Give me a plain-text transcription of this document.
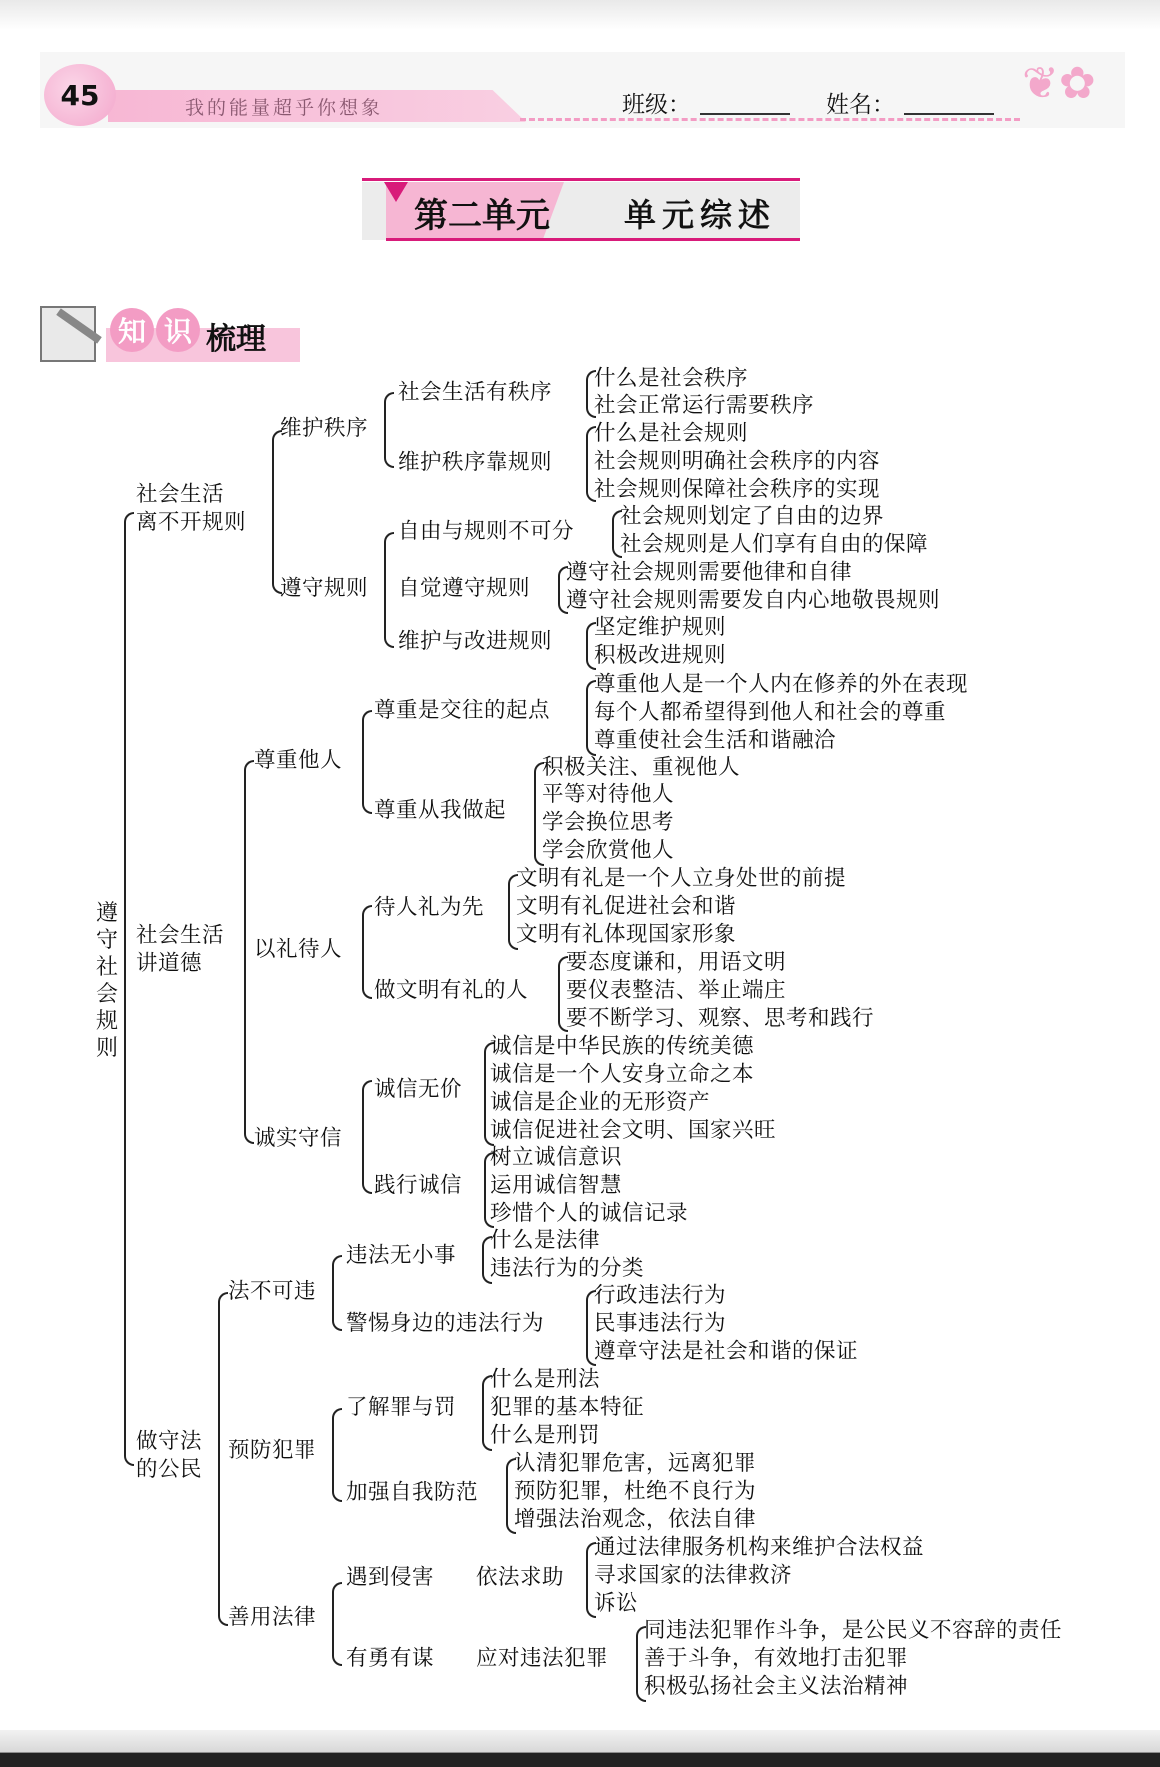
45	我的能量超乎你想象	班级：	姓名：	❦✿
第二单元 单元综述
知 识 梳理
遵守社会规则
社会生活
离不开规则
维护秩序
社会生活有秩序
什么是社会秩序
社会正常运行需要秩序
维护秩序靠规则
什么是社会规则
社会规则明确社会秩序的内容
社会规则保障社会秩序的实现
遵守规则
自由与规则不可分
社会规则划定了自由的边界
社会规则是人们享有自由的保障
自觉遵守规则
遵守社会规则需要他律和自律
遵守社会规则需要发自内心地敬畏规则
维护与改进规则
坚定维护规则
积极改进规则
社会生活
讲道德
尊重他人
尊重是交往的起点
尊重他人是一个人内在修养的外在表现
每个人都希望得到他人和社会的尊重
尊重使社会生活和谐融洽
尊重从我做起
积极关注、重视他人
平等对待他人
学会换位思考
学会欣赏他人
以礼待人
待人礼为先
文明有礼是一个人立身处世的前提
文明有礼促进社会和谐
文明有礼体现国家形象
做文明有礼的人
要态度谦和，用语文明
要仪表整洁、举止端庄
要不断学习、观察、思考和践行
诚实守信
诚信无价
诚信是中华民族的传统美德
诚信是一个人安身立命之本
诚信是企业的无形资产
诚信促进社会文明、国家兴旺
践行诚信
树立诚信意识
运用诚信智慧
珍惜个人的诚信记录
做守法
的公民
法不可违
违法无小事
什么是法律
违法行为的分类
警惕身边的违法行为
行政违法行为
民事违法行为
遵章守法是社会和谐的保证
预防犯罪
了解罪与罚
什么是刑法
犯罪的基本特征
什么是刑罚
加强自我防范
认清犯罪危害，远离犯罪
预防犯罪，杜绝不良行为
增强法治观念，依法自律
善用法律
遇到侵害 依法求助
通过法律服务机构来维护合法权益
寻求国家的法律救济
诉讼
有勇有谋 应对违法犯罪
同违法犯罪作斗争，是公民义不容辞的责任
善于斗争，有效地打击犯罪
积极弘扬社会主义法治精神
